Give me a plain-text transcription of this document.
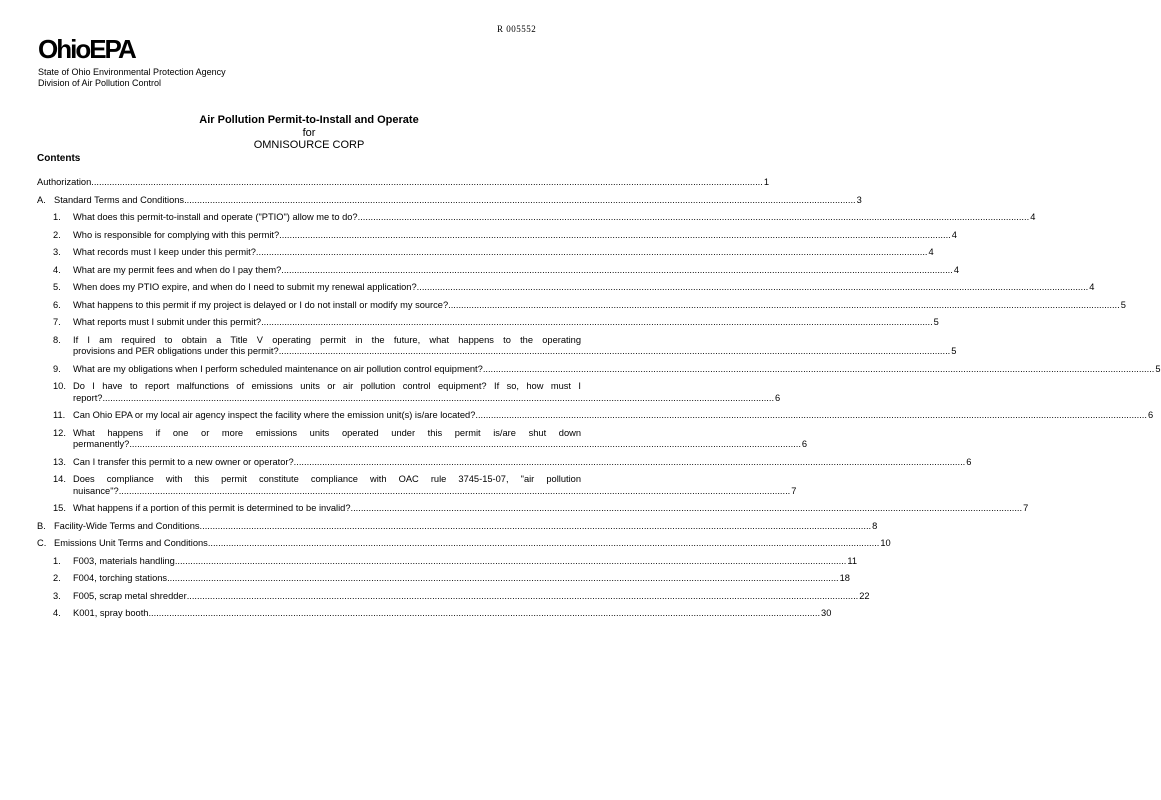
R 005552
OhioEPA
State of Ohio Environmental Protection Agency
Division of Air Pollution Control
Air Pollution Permit-to-Install and Operate
for
OMNISOURCE CORP
Contents
Authorization .................................................................................................................................................................................................................................................................... 1
A. Standard Terms and Conditions .................................................................................................................................................................................................................................................................... 3
1.	What does this permit-to-install and operate ("PTIO") allow me to do? .................................................................................................................................................................................................................................................................... 4
2.	Who is responsible for complying with this permit? .................................................................................................................................................................................................................................................................... 4
3.	What records must I keep under this permit? .................................................................................................................................................................................................................................................................... 4
4.	What are my permit fees and when do I pay them? .................................................................................................................................................................................................................................................................... 4
5.	When does my PTIO expire, and when do I need to submit my renewal application? .................................................................................................................................................................................................................................................................... 4
6.	What happens to this permit if my project is delayed or I do not install or modify my source? .................................................................................................................................................................................................................................................................... 5
7.	What reports must I submit under this permit? .................................................................................................................................................................................................................................................................... 5
8.	If I am required to obtain a Title V operating permit in the future, what happens to the operating
provisions and PER obligations under this permit? .................................................................................................................................................................................................................................................................... 5
9.	What are my obligations when I perform scheduled maintenance on air pollution control equipment? .................................................................................................................................................................................................................................................................... 5
10. Do I have to report malfunctions of emissions units or air pollution control equipment? If so, how must I
report? .................................................................................................................................................................................................................................................................... 6
11. Can Ohio EPA or my local air agency inspect the facility where the emission unit(s) is/are located? .................................................................................................................................................................................................................................................................... 6
12. What happens if one or more emissions units operated under this permit is/are shut down
permanently? .................................................................................................................................................................................................................................................................... 6
13. Can I transfer this permit to a new owner or operator? .................................................................................................................................................................................................................................................................... 6
14. Does compliance with this permit constitute compliance with OAC rule 3745-15-07, "air pollution
nuisance"? .................................................................................................................................................................................................................................................................... 7
15. What happens if a portion of this permit is determined to be invalid? .................................................................................................................................................................................................................................................................... 7
B. Facility-Wide Terms and Conditions .................................................................................................................................................................................................................................................................... 8
C. Emissions Unit Terms and Conditions .................................................................................................................................................................................................................................................................... 10
1.	F003, materials handling .................................................................................................................................................................................................................................................................... 11
2.	F004, torching stations .................................................................................................................................................................................................................................................................... 18
3.	F005, scrap metal shredder .................................................................................................................................................................................................................................................................... 22
4.	K001, spray booth .................................................................................................................................................................................................................................................................... 30
